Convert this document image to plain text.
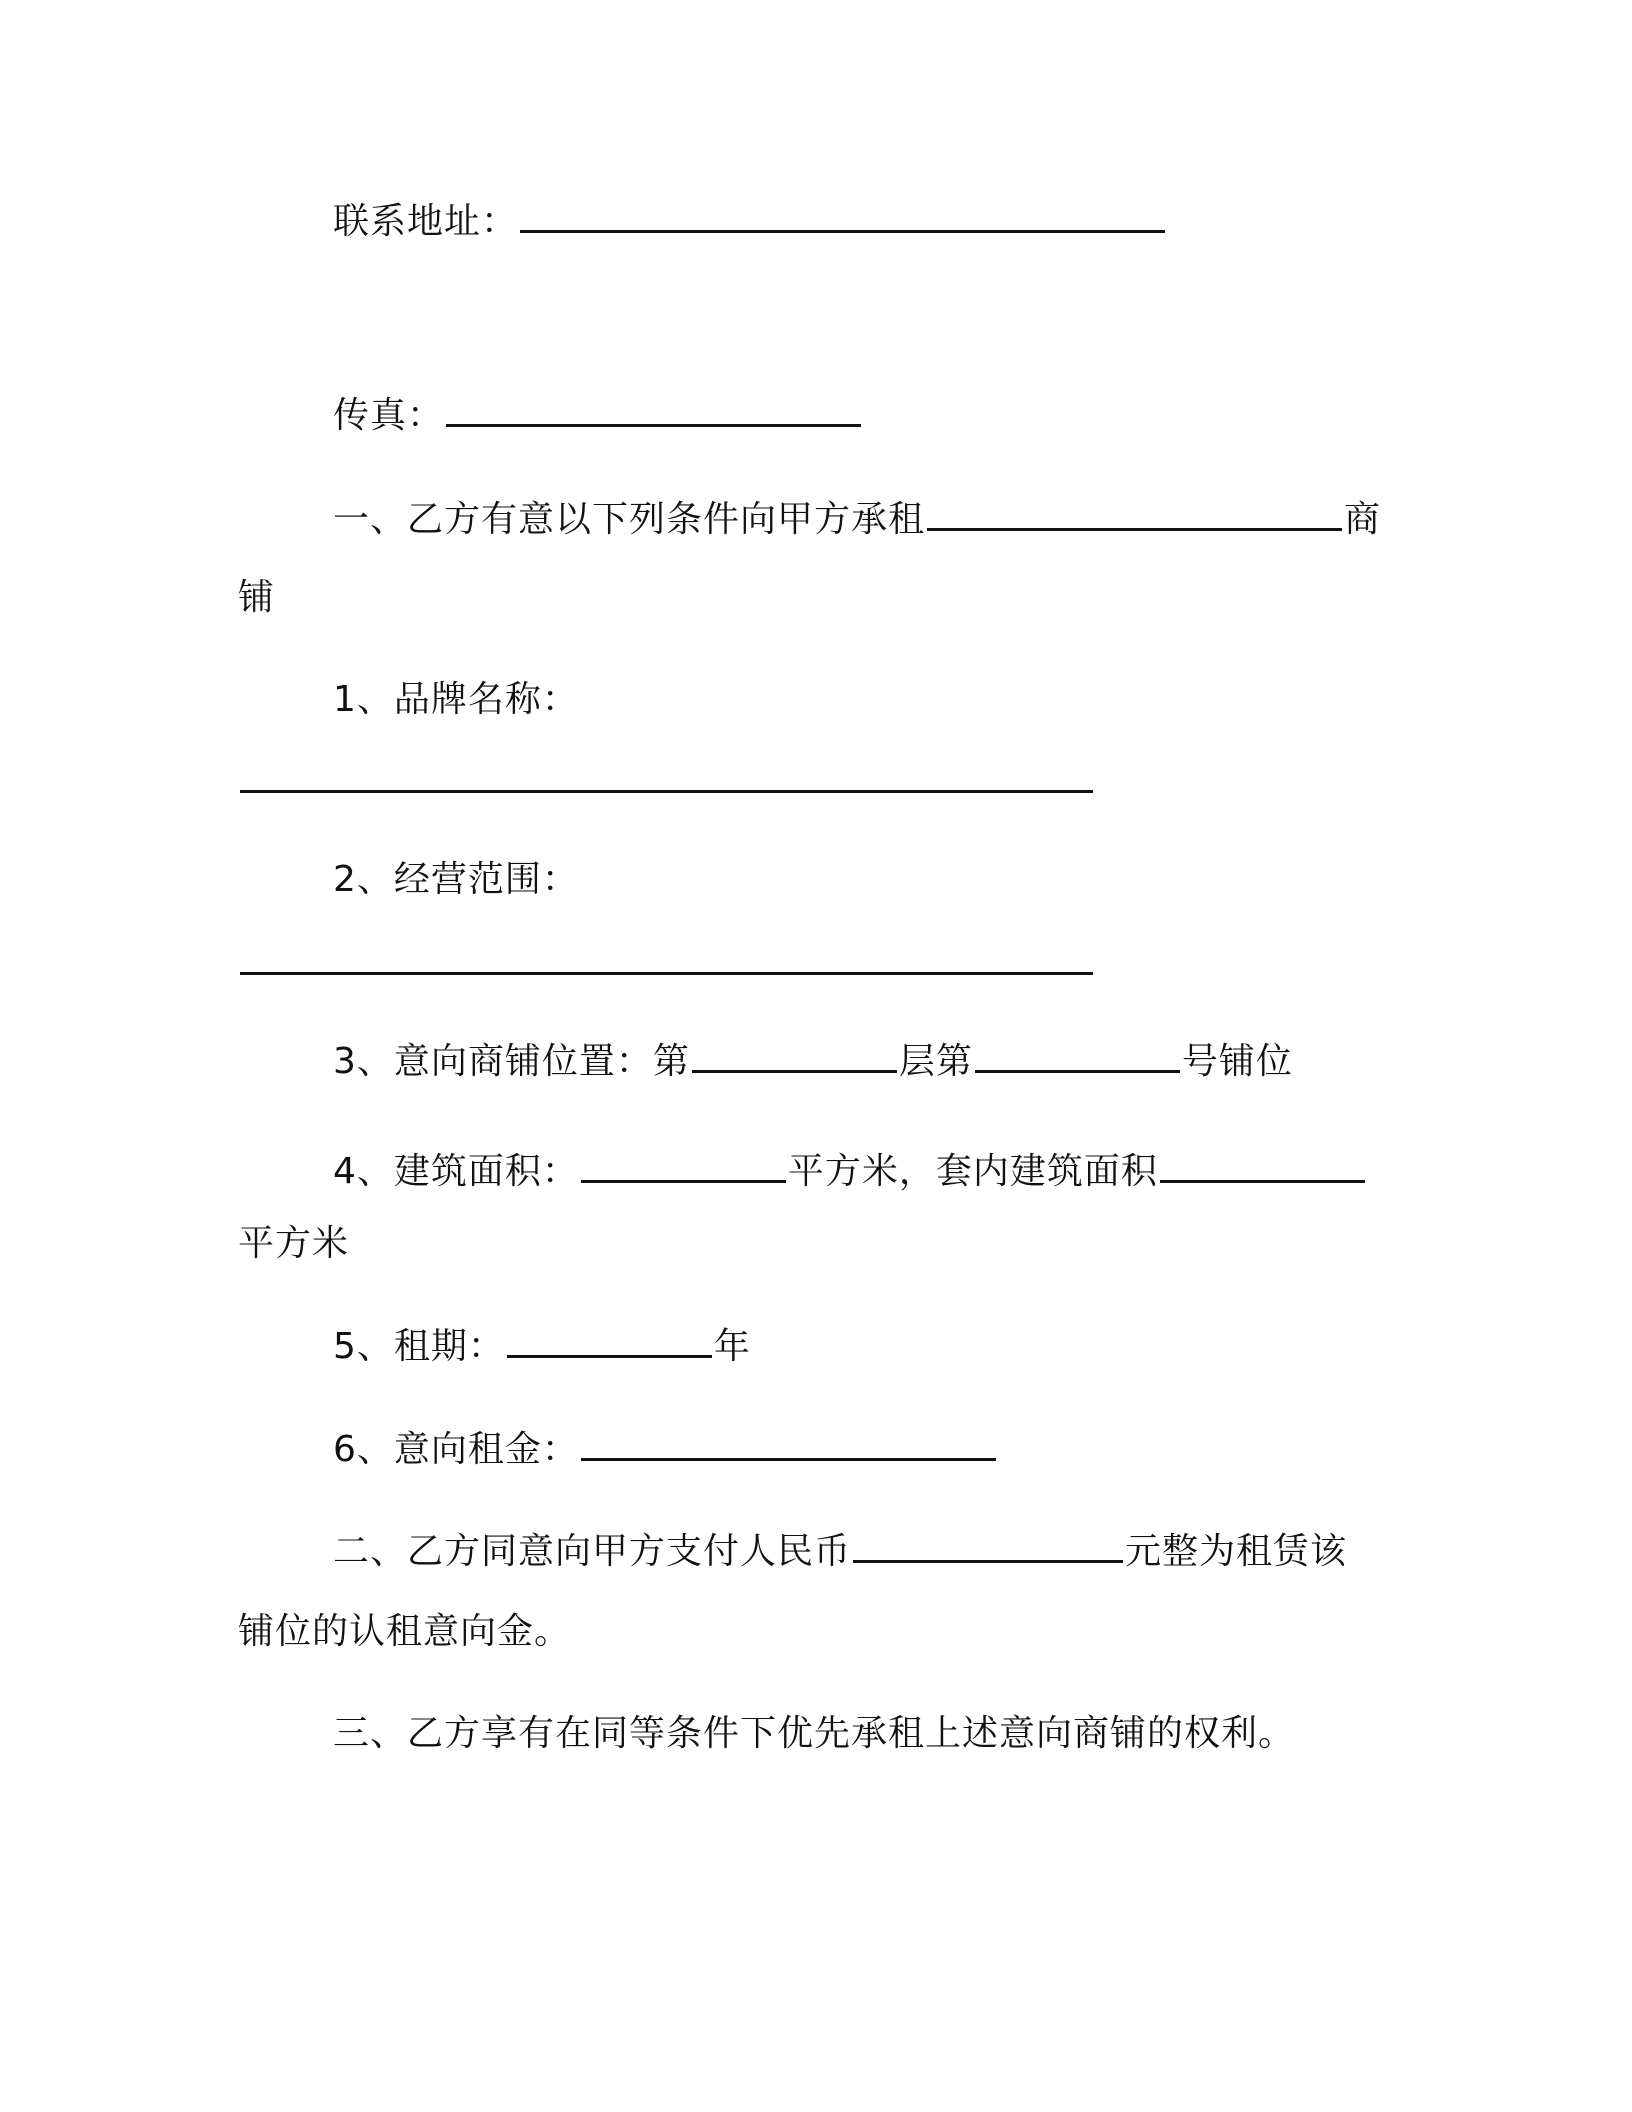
联系地址：
传真：
一、乙方有意以下列条件向甲方承租	商
铺
1、品牌名称：
2、经营范围：
3、意向商铺位置：第	层第	号铺位
4、建筑面积：	平方米，套内建筑面积
平方米
5、租期：	年
6、意向租金：
二、乙方同意向甲方支付人民币	元整为租赁该
铺位的认租意向金。
三、乙方享有在同等条件下优先承租上述意向商铺的权利。
